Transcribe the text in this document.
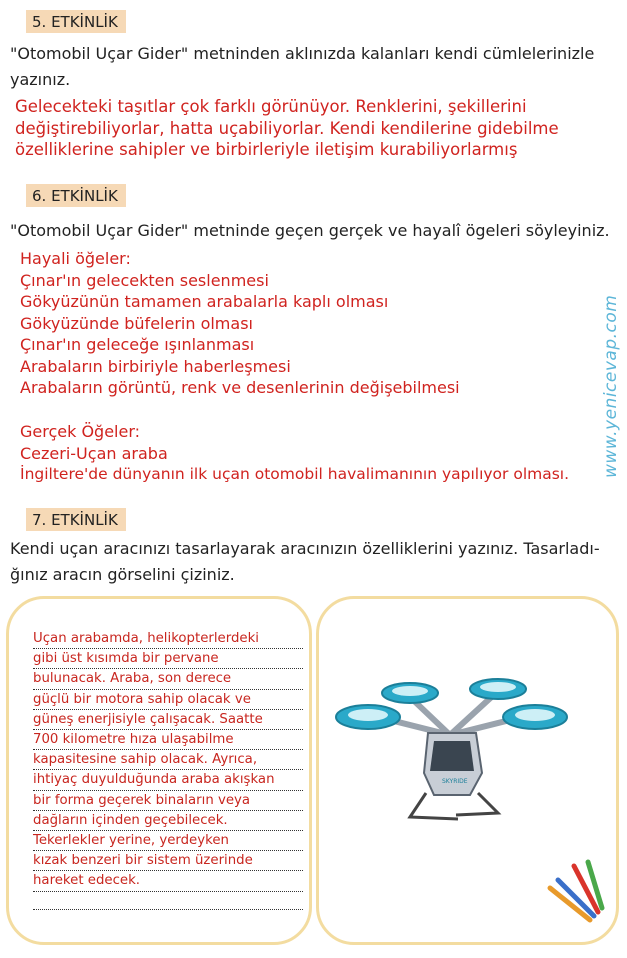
5. ETKİNLİK
"Otomobil Uçar Gider" metninden aklınızda kalanları kendi cümlelerinizle
yazınız.
Gelecekteki taşıtlar çok farklı görünüyor. Renklerini, şekillerini
değiştirebiliyorlar, hatta uçabiliyorlar. Kendi kendilerine gidebilme
özelliklerine sahipler ve birbirleriyle iletişim kurabiliyorlarmış
6. ETKİNLİK
"Otomobil Uçar Gider" metninde geçen gerçek ve hayalî ögeleri söyleyiniz.
Hayali öğeler:
Çınar'ın gelecekten seslenmesi
Gökyüzünün tamamen arabalarla kaplı olması
Gökyüzünde büfelerin olması
Çınar'ın geleceğe ışınlanması
Arabaların birbiriyle haberleşmesi
Arabaların görüntü, renk ve desenlerinin değişebilmesi
Gerçek Öğeler:
Cezeri-Uçan araba
İngiltere'de dünyanın ilk uçan otomobil havalimanının yapılıyor olması. www.yenicevap.com
7. ETKİNLİK
Kendi uçan aracınızı tasarlayarak aracınızın özelliklerini yazınız. Tasarladı-
ğınız aracın görselini çiziniz.
Uçan arabamda, helikopterlerdeki
gibi üst kısımda bir pervane
bulunacak. Araba, son derece
güçlü bir motora sahip olacak ve
güneş enerjisiyle çalışacak. Saatte
700 kilometre hıza ulaşabilme
kapasitesine sahip olacak. Ayrıca,
ihtiyaç duyulduğunda araba akışkan
bir forma geçerek binaların veya
dağların içinden geçebilecek.
Tekerlekler yerine, yerdeyken
kızak benzeri bir sistem üzerinde
hareket edecek.
SKYRIDE
